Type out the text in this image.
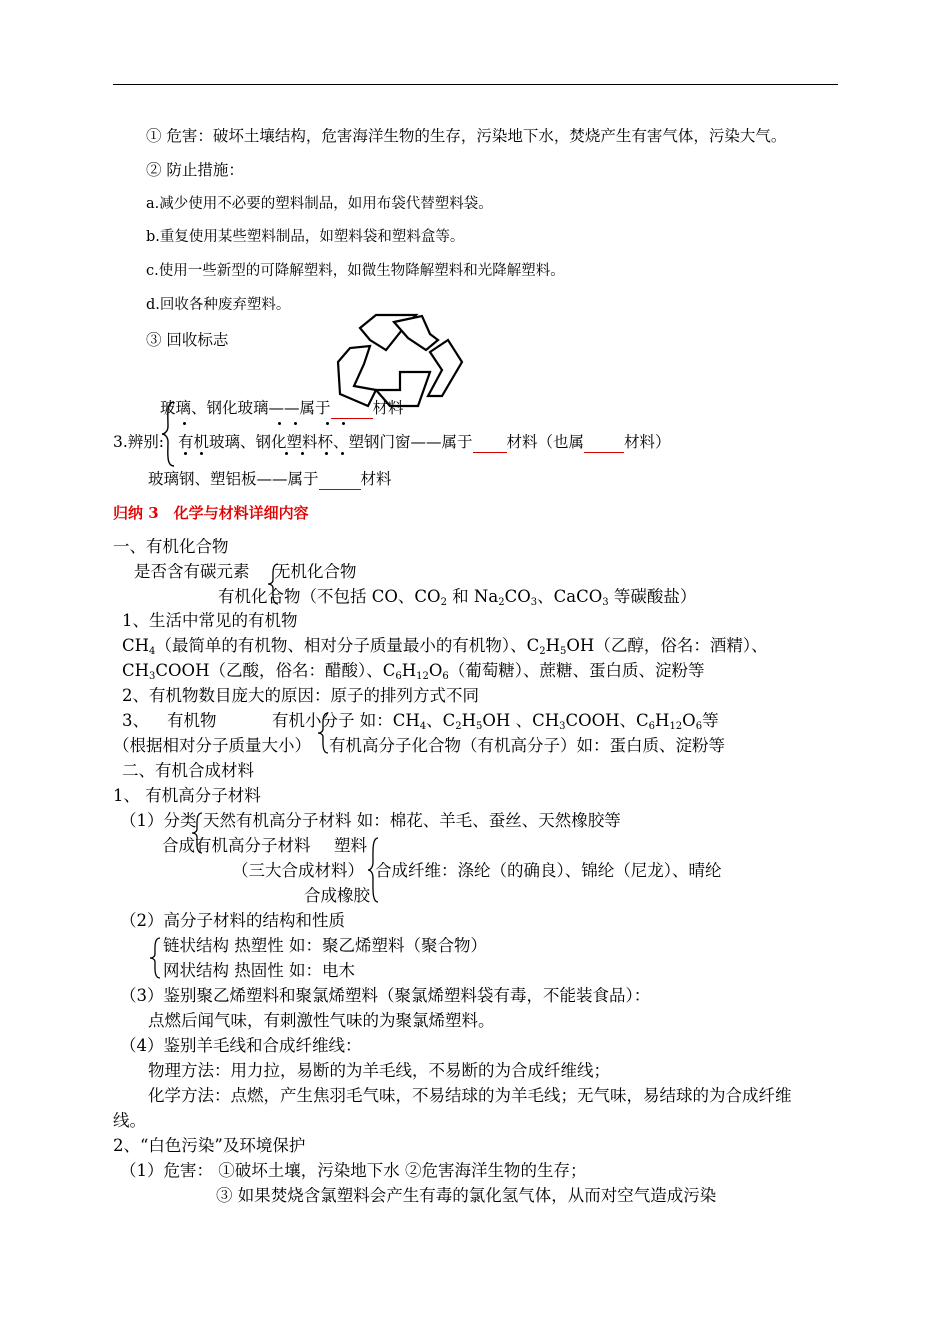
① 危害：破坏土壤结构，危害海洋生物的生存，污染地下水，焚烧产生有害气体，污染大气。
② 防止措施：
a.减少使用不必要的塑料制品，如用布袋代替塑料袋。
b.重复使用某些塑料制品，如塑料袋和塑料盒等。
c.使用一些新型的可降解塑料，如微生物降解塑料和光降解塑料。
d.回收各种废弃塑料。
③ 回收标志
玻璃、钢化玻璃——属于	材料
3.辨别: 有机玻璃、钢化塑料杯、塑钢门窗——属于 材料（也属	材料）
玻璃钢、塑铝板——属于	材料
归纳 3　化学与材料详细内容
一、有机化合物
是否含有碳元素 无机化合物
有机化合物（不包括 CO、$CO_2$ 和 $Na_2CO_3$、CaCO$_3$ 等碳酸盐）
1、生活中常见的有机物
$CH_4$（最简单的有机物、相对分子质量最小的有机物）、$C_2H_5OH$（乙醇，俗名：酒精）、
$CH_3COOH$（乙酸，俗名：醋酸）、$C_6H_{12}O_6$（葡萄糖）、蔗糖、蛋白质、淀粉等
2、有机物数目庞大的原因：原子的排列方式不同
3、 有机物	有机小分子 如：$CH_4$、$C_2H_5OH$ 、$CH_3COOH$、$C_6H_{12}O_6$等
（根据相对分子质量大小） 有机高分子化合物（有机高分子）如：蛋白质、淀粉等
二、有机合成材料
1、 有机高分子材料
（1）分类 天然有机高分子材料 如：棉花、羊毛、蚕丝、天然橡胶等
合成有机高分子材料 塑料
（三大合成材料） 合成纤维：涤纶（的确良）、锦纶（尼龙）、晴纶
合成橡胶
（2）高分子材料的结构和性质
链状结构 热塑性 如：聚乙烯塑料（聚合物）
网状结构 热固性 如：电木
（3）鉴别聚乙烯塑料和聚氯烯塑料（聚氯烯塑料袋有毒，不能装食品）：
点燃后闻气味，有刺激性气味的为聚氯烯塑料。
（4）鉴别羊毛线和合成纤维线：
物理方法：用力拉，易断的为羊毛线，不易断的为合成纤维线；
化学方法：点燃，产生焦羽毛气味，不易结球的为羊毛线；无气味，易结球的为合成纤维
线。
2、“白色污染”及环境保护
（1）危害： ①破坏土壤，污染地下水 ②危害海洋生物的生存；
③ 如果焚烧含氯塑料会产生有毒的氯化氢气体，从而对空气造成污染
